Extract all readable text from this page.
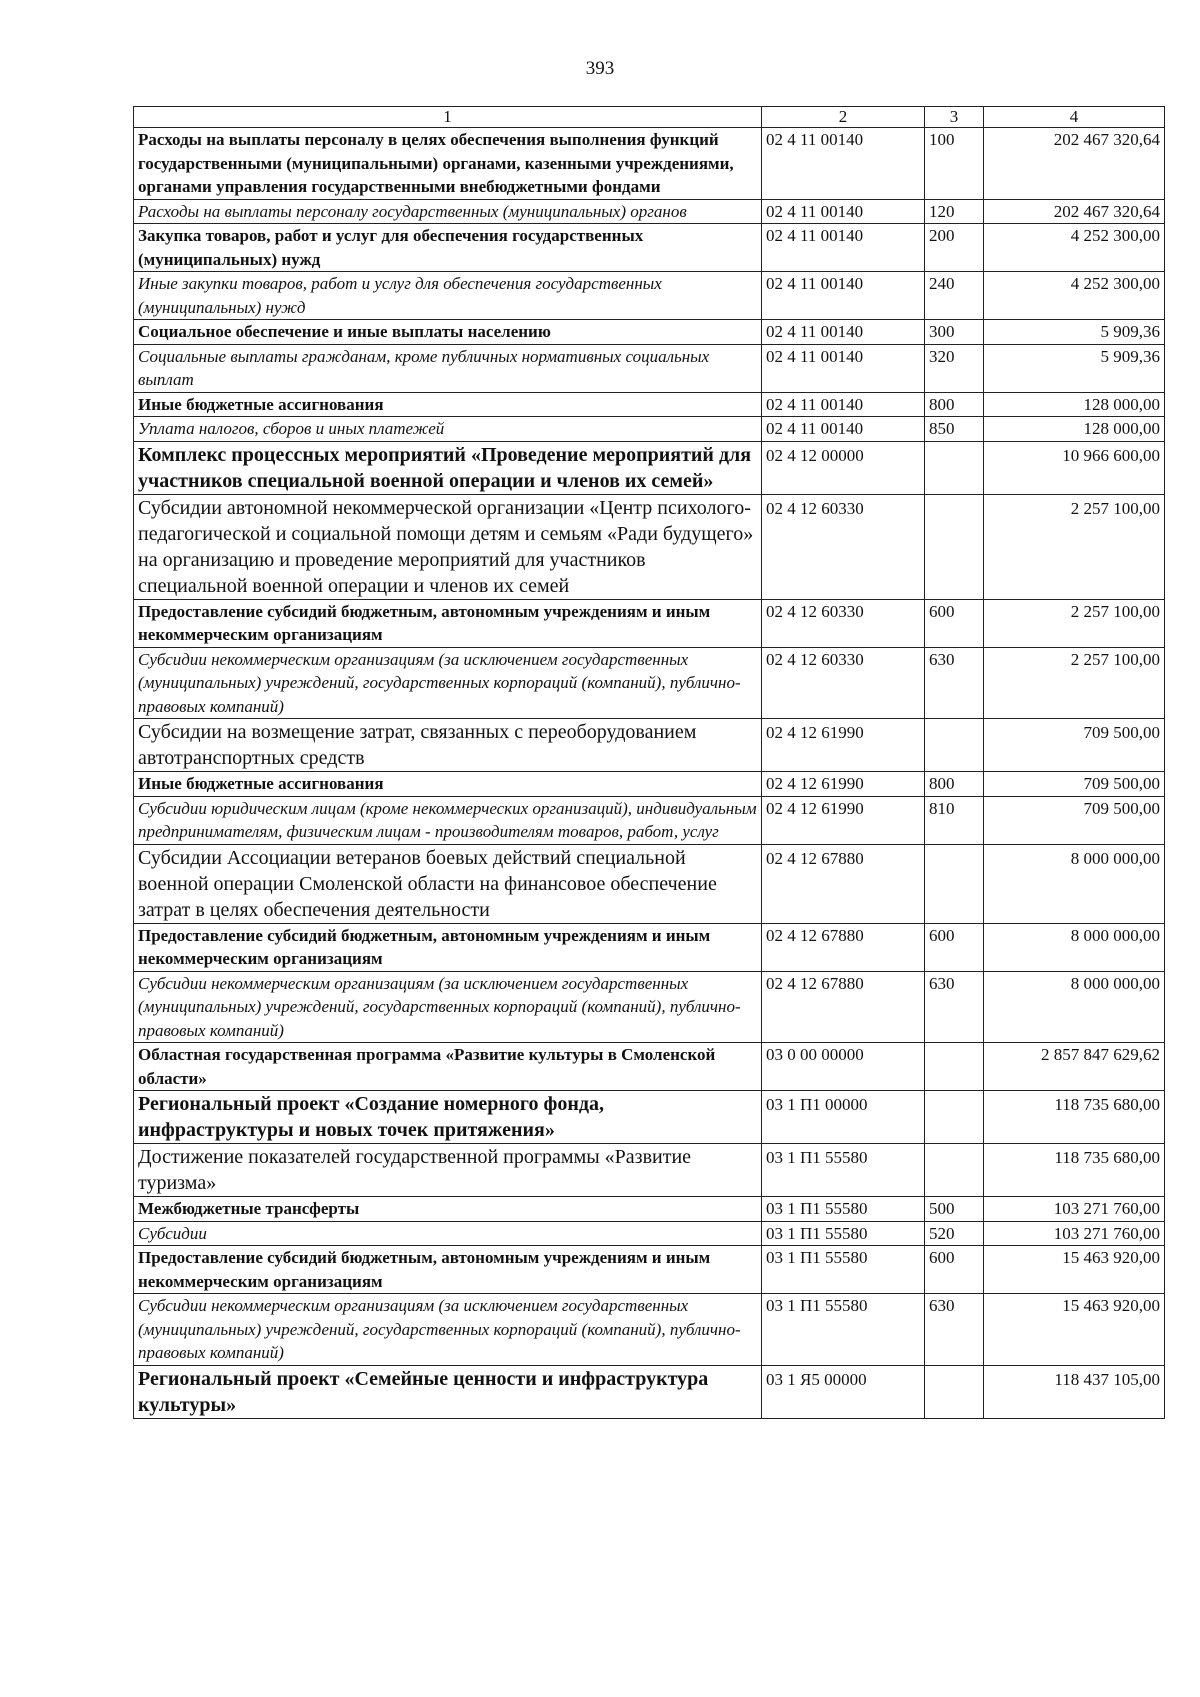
393
1	2	3	4
Расходы на выплаты персоналу в целях обеспечения выполнения функций государственными (муниципальными) органами, казенными учреждениями, органами управления государственными внебюджетными фондами	02 4 11 00140	100	202 467 320,64
Расходы на выплаты персоналу государственных (муниципальных) органов	02 4 11 00140	120	202 467 320,64
Закупка товаров, работ и услуг для обеспечения государственных (муниципальных) нужд	02 4 11 00140	200	4 252 300,00
Иные закупки товаров, работ и услуг для обеспечения государственных (муниципальных) нужд	02 4 11 00140	240	4 252 300,00
Социальное обеспечение и иные выплаты населению	02 4 11 00140	300	5 909,36
Социальные выплаты гражданам, кроме публичных нормативных социальных выплат	02 4 11 00140	320	5 909,36
Иные бюджетные ассигнования	02 4 11 00140	800	128 000,00
Уплата налогов, сборов и иных платежей	02 4 11 00140	850	128 000,00
Комплекс процессных мероприятий «Проведение мероприятий для участников специальной военной операции и членов их семей»	02 4 12 00000		10 966 600,00
Субсидии автономной некоммерческой организации «Центр психолого-педагогической и социальной помощи детям и семьям «Ради будущего» на организацию и проведение мероприятий для участников специальной военной операции и членов их семей	02 4 12 60330		2 257 100,00
Предоставление субсидий бюджетным, автономным учреждениям и иным некоммерческим организациям	02 4 12 60330	600	2 257 100,00
Субсидии некоммерческим организациям (за исключением государственных (муниципальных) учреждений, государственных корпораций (компаний), публично-правовых компаний)	02 4 12 60330	630	2 257 100,00
Субсидии на возмещение затрат, связанных с переоборудованием автотранспортных средств	02 4 12 61990		709 500,00
Иные бюджетные ассигнования	02 4 12 61990	800	709 500,00
Субсидии юридическим лицам (кроме некоммерческих организаций), индивидуальным предпринимателям, физическим лицам - производителям товаров, работ, услуг	02 4 12 61990	810	709 500,00
Субсидии Ассоциации ветеранов боевых действий специальной военной операции Смоленской области на финансовое обеспечение затрат в целях обеспечения деятельности	02 4 12 67880		8 000 000,00
Предоставление субсидий бюджетным, автономным учреждениям и иным некоммерческим организациям	02 4 12 67880	600	8 000 000,00
Субсидии некоммерческим организациям (за исключением государственных (муниципальных) учреждений, государственных корпораций (компаний), публично-правовых компаний)	02 4 12 67880	630	8 000 000,00
Областная государственная программа «Развитие культуры в Смоленской области»	03 0 00 00000		2 857 847 629,62
Региональный проект «Создание номерного фонда, инфраструктуры и новых точек притяжения»	03 1 П1 00000		118 735 680,00
Достижение показателей государственной программы «Развитие туризма»	03 1 П1 55580		118 735 680,00
Межбюджетные трансферты	03 1 П1 55580	500	103 271 760,00
Субсидии	03 1 П1 55580	520	103 271 760,00
Предоставление субсидий бюджетным, автономным учреждениям и иным некоммерческим организациям	03 1 П1 55580	600	15 463 920,00
Субсидии некоммерческим организациям (за исключением государственных (муниципальных) учреждений, государственных корпораций (компаний), публично-правовых компаний)	03 1 П1 55580	630	15 463 920,00
Региональный проект «Семейные ценности и инфраструктура культуры»	03 1 Я5 00000		118 437 105,00
